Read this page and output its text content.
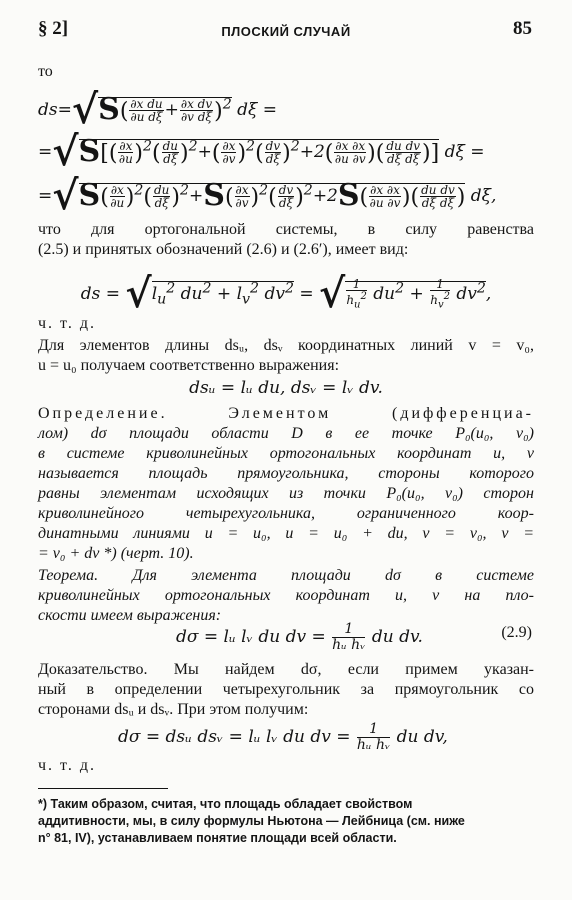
§ 2]	ПЛОСКИЙ СЛУЧАЙ	85
то
$ds=√S( \frac{\text{∂x du}}{\text{∂u dξ}} + \frac{\text{∂x dv}}{\text{∂v dξ}} )^2$ dξ =
$=√S[( \frac{\partial x}{\partial u} )^2( \frac{du}{d\xi} )^2+( \frac{\partial x}{\partial v} )^2( \frac{dv}{d\xi} )^2+2( \frac{\partial x \partial x}{\partial u \partial v}$ )( $\frac{\text{du dv}}{\text{dξ dξ}}$ )] dξ =
$=√S( \frac{\partial x}{\partial u} )^2( \frac{du}{d\xi} )^2+S( \frac{\partial x}{\partial v} )^2( \frac{dv}{d\xi} )^2+2S( \frac{\partial x \partial x}{\partial u \partial v}$ )( $\frac{\text{du dv}}{\text{dξ dξ}}$ ) dξ,
что для ортогональной системы, в силу равенства
(2.5) и принятых обозначений (2.6) и (2.6′), имеет вид:
ds = $√l_u^2$ $du^2 + l_v^2$ $dv^2$ = √ $\frac{1}{h_u^2} du^2 + \frac{1}{h_v^2} dv^2$,
ч. т. д.
Для элементов длины dsᵤ, dsᵥ координатных линий v = v₀,
u = u₀ получаем соответственно выражения:
dsᵤ = lᵤ du, dsᵥ = lᵥ dv.
Определение. Элементом (дифференциа-
лом) dσ площади области D в ее точке P₀(u₀, v₀)
в системе криволинейных ортогональных координат u, v
называется площадь прямоугольника, стороны которого
равны элементам исходящих из точки P₀(u₀, v₀) сторон
криволинейного четырехугольника, ограниченного коор-
динатными линиями u = u₀, u = u₀ + du, v = v₀, v =
= v₀ + dv *) (черт. 10).
Теорема. Для элемента площади dσ в системе
криволинейных ортогональных координат u, v на пло-
скости имеем выражения:
dσ = lᵤ lᵥ du dv = $\frac{1}{\text{hᵤ hᵥ}}$ du dv.	(2.9)
Доказательство. Мы найдем dσ, если примем указан-
ный в определении четырехугольник за прямоугольник со
сторонами dsᵤ и dsᵥ. При этом получим:
dσ = dsᵤ dsᵥ = lᵤ lᵥ du dv = $\frac{1}{\text{hᵤ hᵥ}}$ du dv,
ч. т. д.
*) Таким образом, считая, что площадь обладает свойством
аддитивности, мы, в силу формулы Ньютона — Лейбница (см. ниже
n° 81, IV), устанавливаем понятие площади всей области.
